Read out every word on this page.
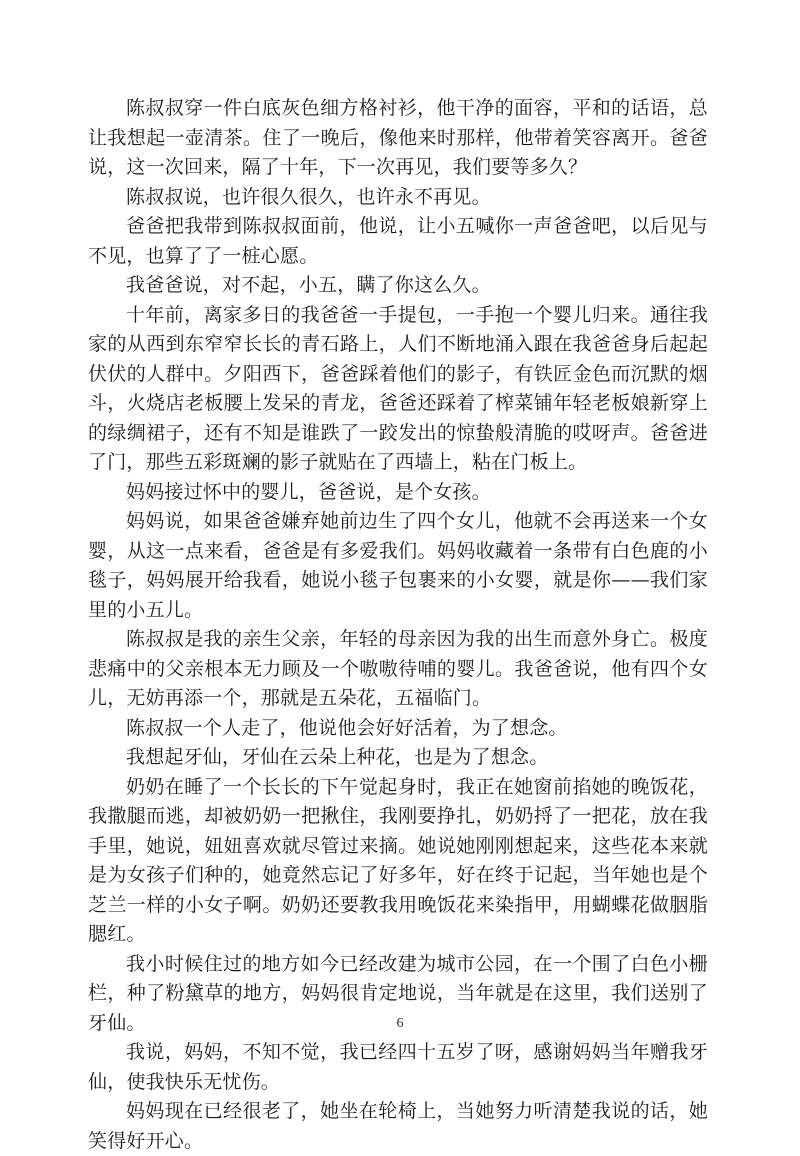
陈叔叔穿一件白底灰色细方格衬衫，他干净的面容，平和的话语，总让我想起一壶清茶。住了一晚后，像他来时那样，他带着笑容离开。爸爸说，这一次回来，隔了十年，下一次再见，我们要等多久？

陈叔叔说，也许很久很久，也许永不再见。

爸爸把我带到陈叔叔面前，他说，让小五喊你一声爸爸吧，以后见与不见，也算了了一桩心愿。

我爸爸说，对不起，小五，瞒了你这么久。

十年前，离家多日的我爸爸一手提包，一手抱一个婴儿归来。通往我家的从西到东窄窄长长的青石路上，人们不断地涌入跟在我爸爸身后起起伏伏的人群中。夕阳西下，爸爸踩着他们的影子，有铁匠金色而沉默的烟斗，火烧店老板腰上发呆的青龙，爸爸还踩着了榨菜铺年轻老板娘新穿上的绿绸裙子，还有不知是谁跌了一跤发出的惊蛰般清脆的哎呀声。爸爸进了门，那些五彩斑斓的影子就贴在了西墙上，粘在门板上。

妈妈接过怀中的婴儿，爸爸说，是个女孩。

妈妈说，如果爸爸嫌弃她前边生了四个女儿，他就不会再送来一个女婴，从这一点来看，爸爸是有多爱我们。妈妈收藏着一条带有白色鹿的小毯子，妈妈展开给我看，她说小毯子包裹来的小女婴，就是你——我们家里的小五儿。

陈叔叔是我的亲生父亲，年轻的母亲因为我的出生而意外身亡。极度悲痛中的父亲根本无力顾及一个嗷嗷待哺的婴儿。我爸爸说，他有四个女儿，无妨再添一个，那就是五朵花，五福临门。

陈叔叔一个人走了，他说他会好好活着，为了想念。

我想起牙仙，牙仙在云朵上种花，也是为了想念。

奶奶在睡了一个长长的下午觉起身时，我正在她窗前掐她的晚饭花，我撒腿而逃，却被奶奶一把揪住，我刚要挣扎，奶奶捋了一把花，放在我手里，她说，妞妞喜欢就尽管过来摘。她说她刚刚想起来，这些花本来就是为女孩子们种的，她竟然忘记了好多年，好在终于记起，当年她也是个芝兰一样的小女子啊。奶奶还要教我用晚饭花来染指甲，用蝴蝶花做胭脂腮红。

我小时候住过的地方如今已经改建为城市公园，在一个围了白色小栅栏，种了粉黛草的地方，妈妈很肯定地说，当年就是在这里，我们送别了牙仙。

我说，妈妈，不知不觉，我已经四十五岁了呀，感谢妈妈当年赠我牙仙，使我快乐无忧伤。

妈妈现在已经很老了，她坐在轮椅上，当她努力听清楚我说的话，她笑得好开心。

6
